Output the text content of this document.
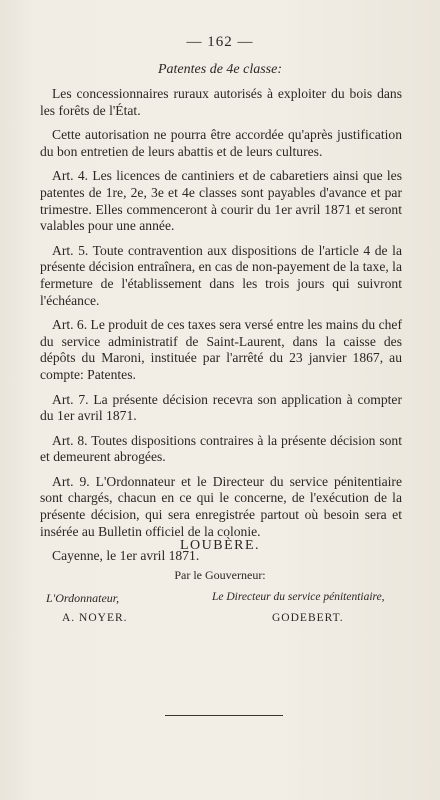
— 162 —
Patentes de 4e classe:

Les concessionnaires ruraux autorisés à exploiter du bois dans les forêts de l'État.

Cette autorisation ne pourra être accordée qu'après justification du bon entretien de leurs abattis et de leurs cultures.

Art. 4. Les licences de cantiniers et de cabaretiers ainsi que les patentes de 1re, 2e, 3e et 4e classes sont payables d'avance et par trimestre. Elles commenceront à courir du 1er avril 1871 et seront valables pour une année.

Art. 5. Toute contravention aux dispositions de l'article 4 de la présente décision entraînera, en cas de non-payement de la taxe, la fermeture de l'établissement dans les trois jours qui suivront l'échéance.

Art. 6. Le produit de ces taxes sera versé entre les mains du chef du service administratif de Saint-Laurent, dans la caisse des dépôts du Maroni, instituée par l'arrêté du 23 janvier 1867, au compte: Patentes.

Art. 7. La présente décision recevra son application à compter du 1er avril 1871.

Art. 8. Toutes dispositions contraires à la présente décision sont et demeurent abrogées.

Art. 9. L'Ordonnateur et le Directeur du service pénitentiaire sont chargés, chacun en ce qui le concerne, de l'exécution de la présente décision, qui sera enregistrée partout où besoin sera et insérée au Bulletin officiel de la colonie.

Cayenne, le 1er avril 1871.

LOUBÈRE.
Par le Gouverneur:
L'Ordonnateur,
A. NOYER.
Le Directeur du service pénitentiaire,
GODEBERT.
